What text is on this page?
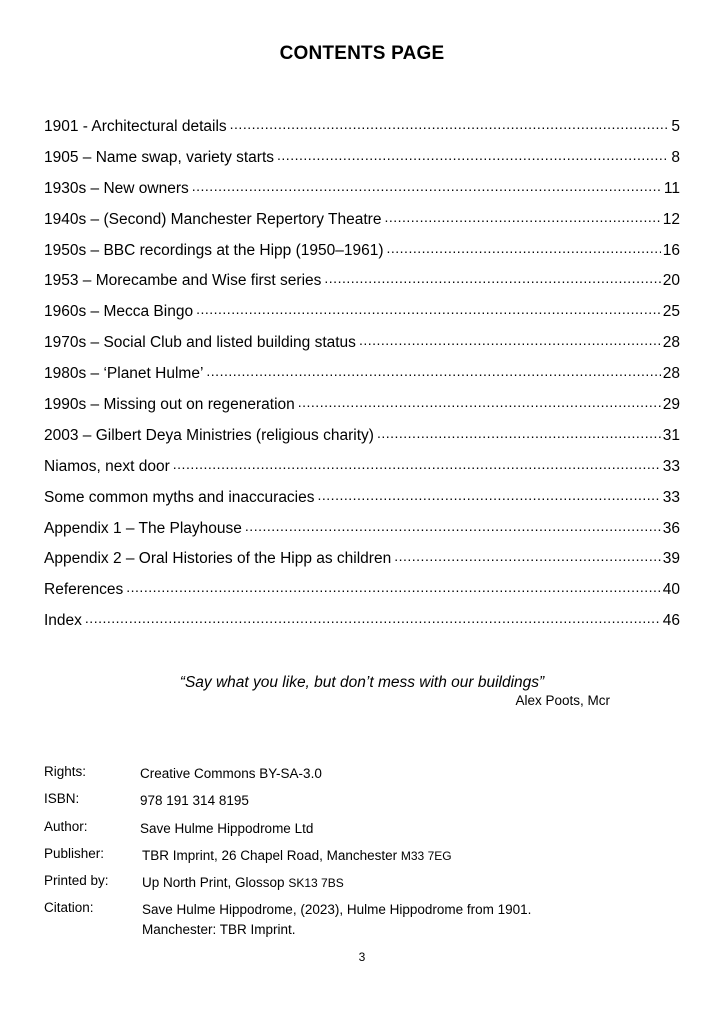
CONTENTS PAGE
1901 - Architectural details .....	5
1905 – Name swap, variety starts .....	8
1930s – New owners .....	11
1940s – (Second) Manchester Repertory Theatre .....	12
1950s – BBC recordings at the Hipp (1950–1961) .....	16
1953 – Morecambe and Wise first series .....	20
1960s – Mecca Bingo .....	25
1970s – Social Club and listed building status .....	28
1980s – ‘Planet Hulme’ .....	28
1990s – Missing out on regeneration .....	29
2003 – Gilbert Deya Ministries (religious charity) .....	31
Niamos, next door .....	33
Some common myths and inaccuracies .....	33
Appendix 1 – The Playhouse .....	36
Appendix 2 – Oral Histories of the Hipp as children .....	39
References .....	40
Index .....	46
“Say what you like, but don’t mess with our buildings”
Alex Poots, Mcr
Rights:	Creative Commons BY-SA-3.0
ISBN:	978 191 314 8195
Author:	Save Hulme Hippodrome Ltd
Publisher:	TBR Imprint, 26 Chapel Road, Manchester M33 7EG
Printed by:	Up North Print, Glossop SK13 7BS
Citation:	Save Hulme Hippodrome, (2023), Hulme Hippodrome from 1901.
Manchester: TBR Imprint.
3
